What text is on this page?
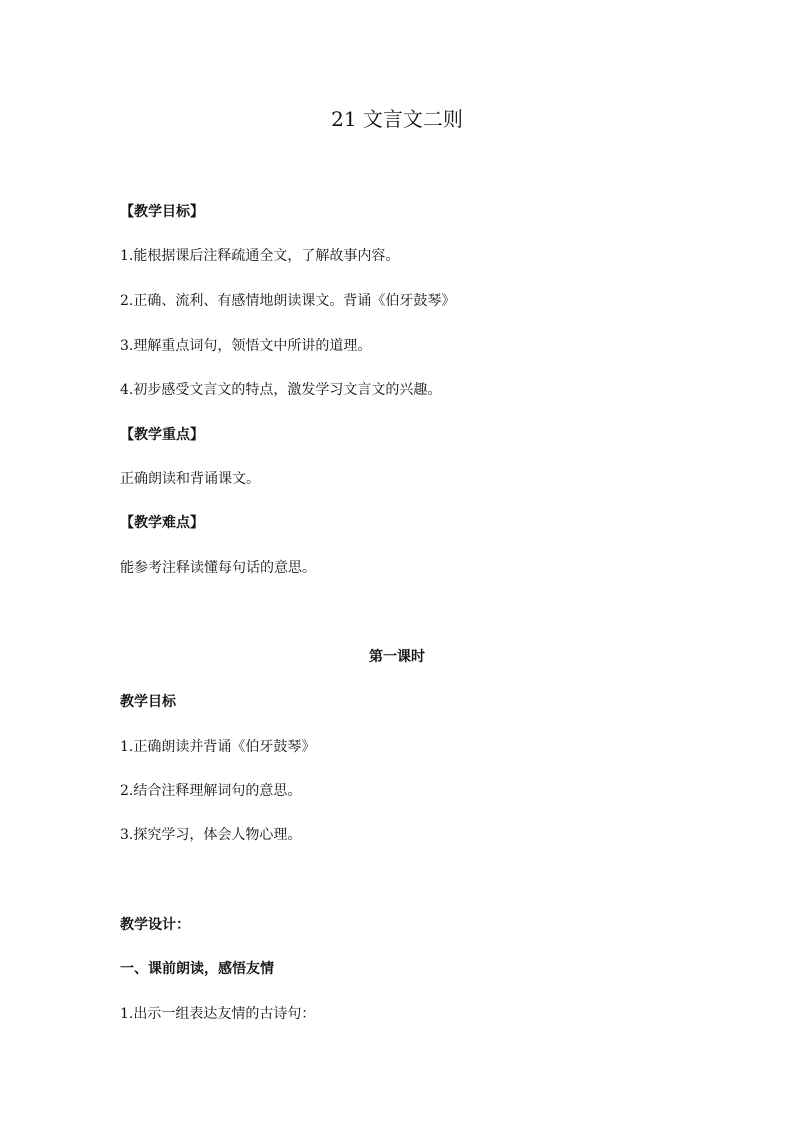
21 文言文二则
【教学目标】
1.能根据课后注释疏通全文，了解故事内容。
2.正确、流利、有感情地朗读课文。背诵《伯牙鼓琴》
3.理解重点词句，领悟文中所讲的道理。
4.初步感受文言文的特点，激发学习文言文的兴趣。
【教学重点】
正确朗读和背诵课文。
【教学难点】
能参考注释读懂每句话的意思。
第一课时
教学目标
1.正确朗读并背诵《伯牙鼓琴》
2.结合注释理解词句的意思。
3.探究学习，体会人物心理。
教学设计：
一、课前朗读，感悟友情
1.出示一组表达友情的古诗句：
